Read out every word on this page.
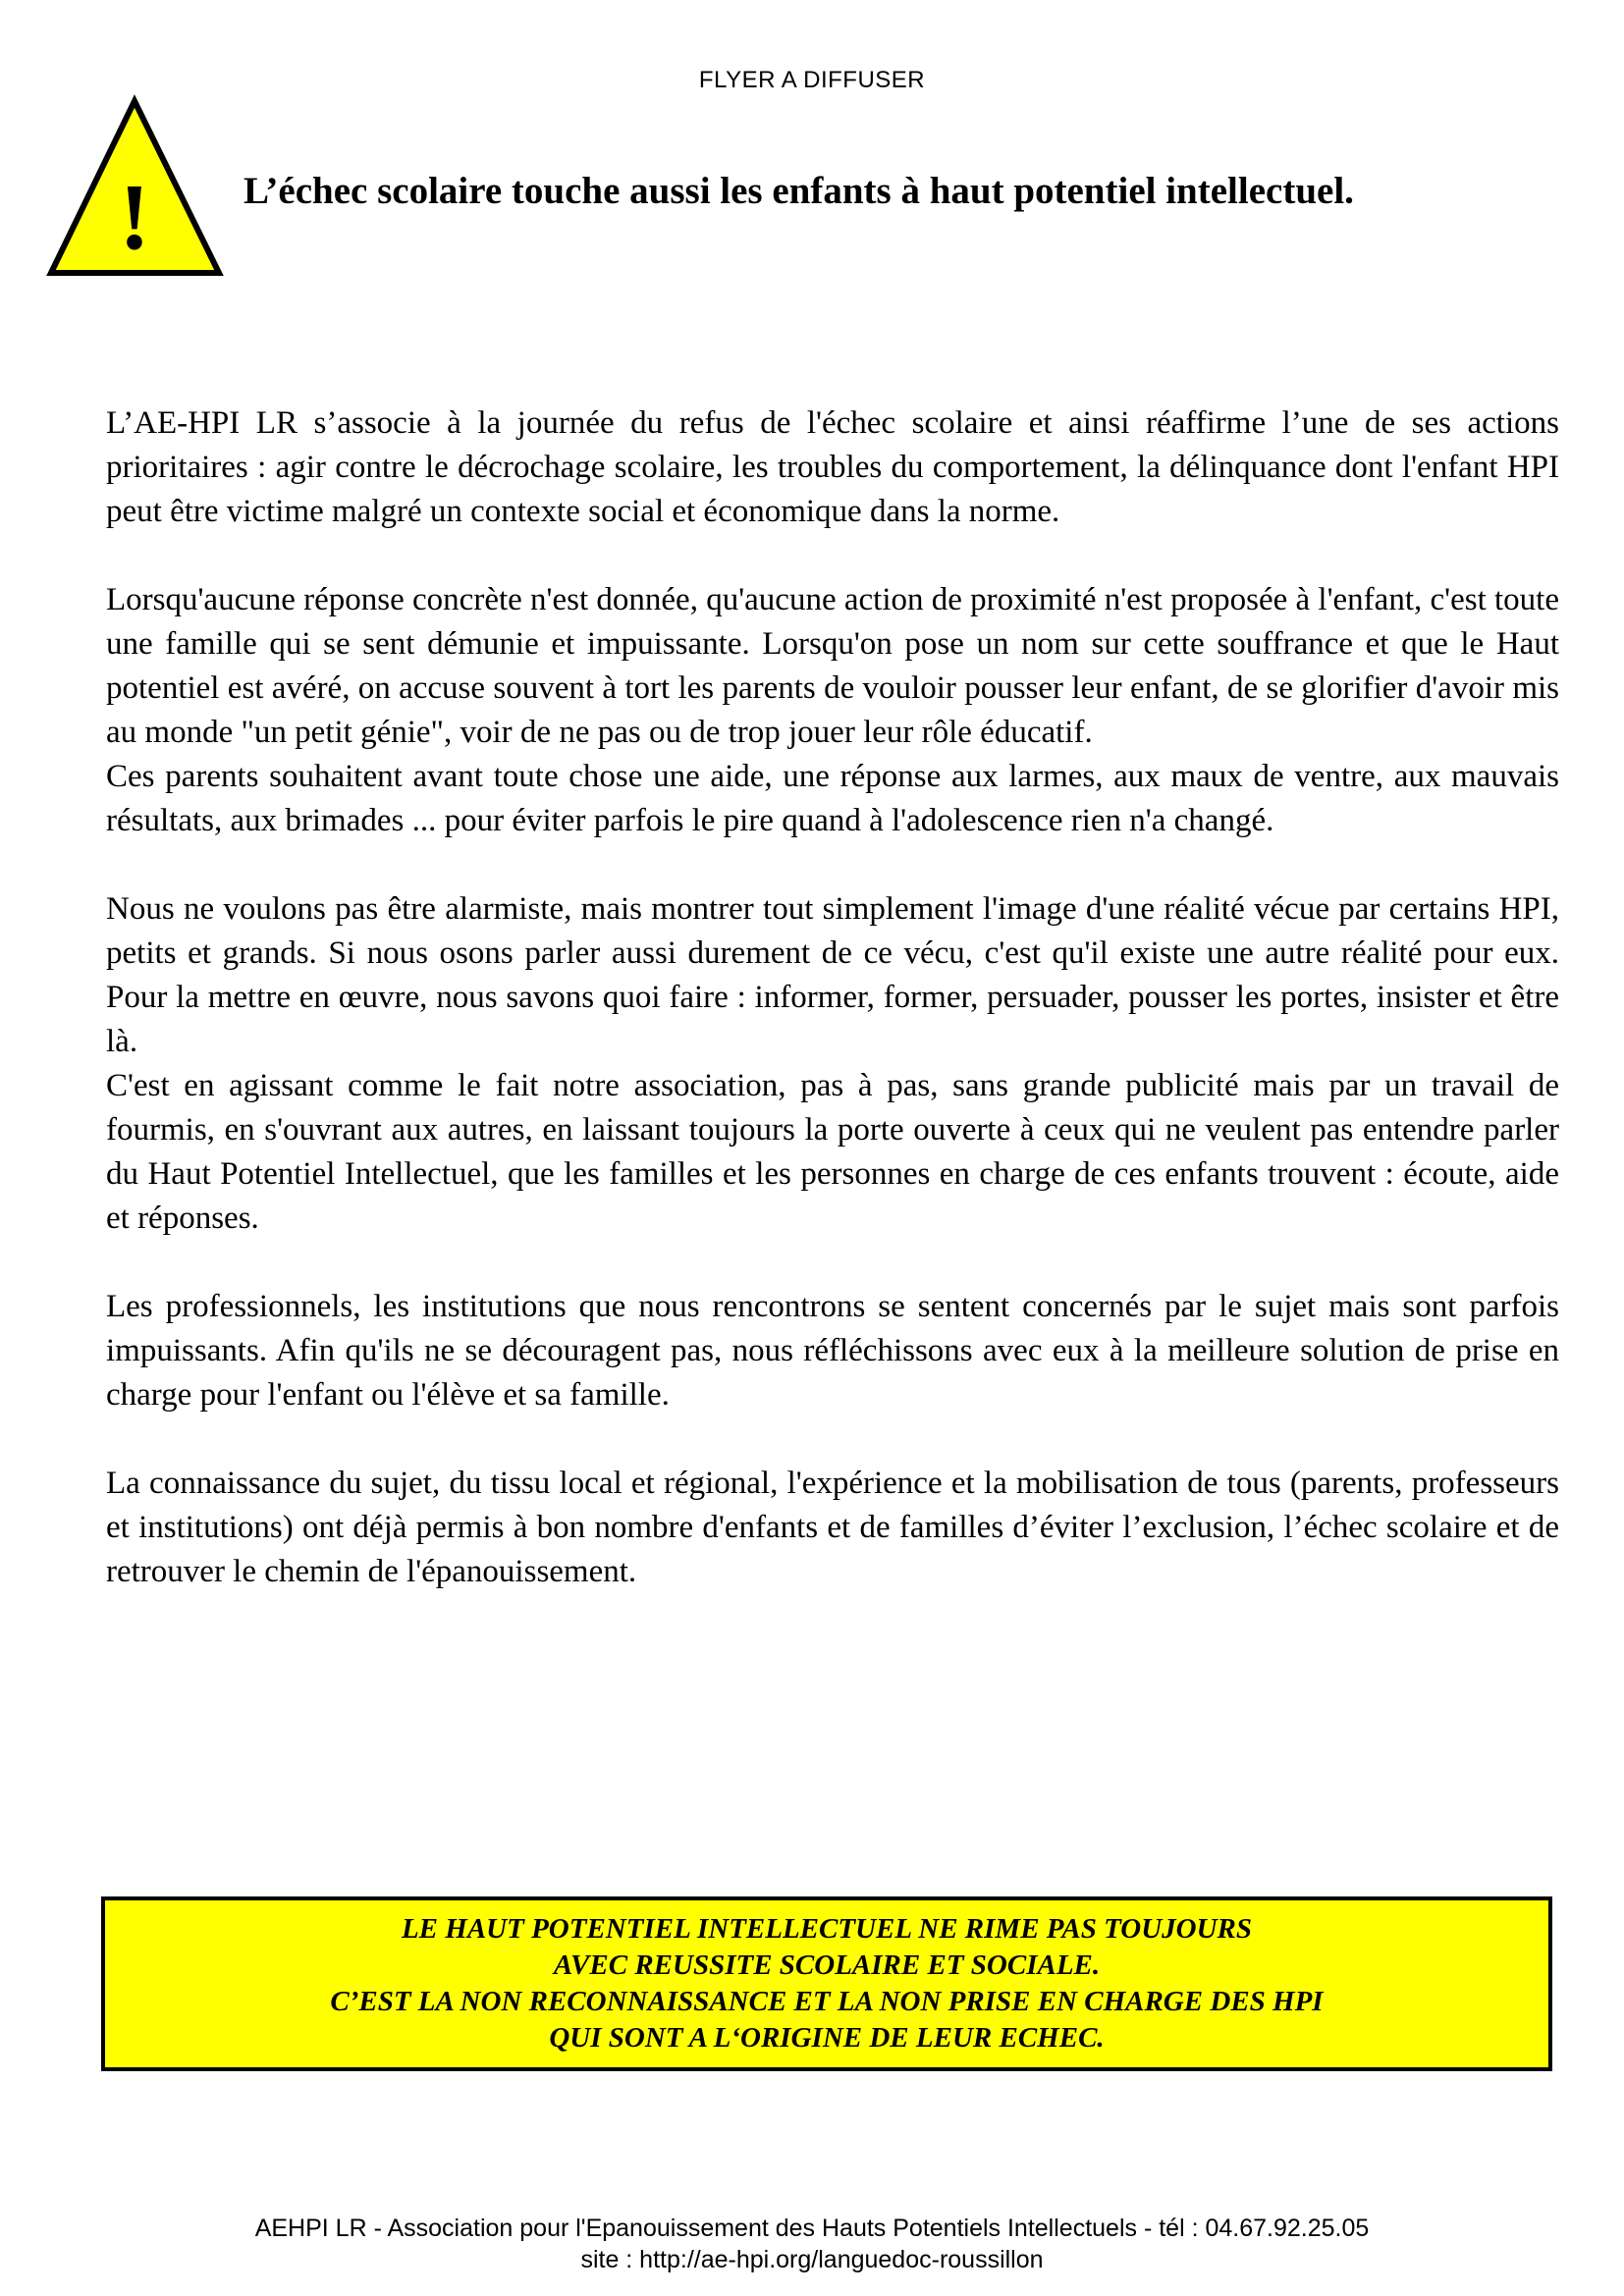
FLYER A DIFFUSER
! L’échec scolaire touche aussi les enfants à haut potentiel intellectuel.

L’AE-HPI LR s’associe à la journée du refus de l'échec scolaire et ainsi réaffirme l’une de ses actions prioritaires : agir contre le décrochage scolaire, les troubles du comportement, la délinquance dont l'enfant HPI peut être victime malgré un contexte social et économique dans la norme.

Lorsqu'aucune réponse concrète n'est donnée, qu'aucune action de proximité n'est proposée à l'enfant, c'est toute une famille qui se sent démunie et impuissante. Lorsqu'on pose un nom sur cette souffrance et que le Haut potentiel est avéré, on accuse souvent à tort les parents de vouloir pousser leur enfant, de se glorifier d'avoir mis au monde "un petit génie", voir de ne pas ou de trop jouer leur rôle éducatif.

Ces parents souhaitent avant toute chose une aide, une réponse aux larmes, aux maux de ventre, aux mauvais résultats, aux brimades ... pour éviter parfois le pire quand à l'adolescence rien n'a changé.

Nous ne voulons pas être alarmiste, mais montrer tout simplement l'image d'une réalité vécue par certains HPI, petits et grands. Si nous osons parler aussi durement de ce vécu, c'est qu'il existe une autre réalité pour eux. Pour la mettre en œuvre, nous savons quoi faire : informer, former, persuader, pousser les portes, insister et être là.

C'est en agissant comme le fait notre association, pas à pas, sans grande publicité mais par un travail de fourmis, en s'ouvrant aux autres, en laissant toujours la porte ouverte à ceux qui ne veulent pas entendre parler du Haut Potentiel Intellectuel, que les familles et les personnes en charge de ces enfants trouvent : écoute, aide et réponses.

Les professionnels, les institutions que nous rencontrons se sentent concernés par le sujet mais sont parfois impuissants. Afin qu'ils ne se découragent pas, nous réfléchissons avec eux à la meilleure solution de prise en charge pour l'enfant ou l'élève et sa famille.

La connaissance du sujet, du tissu local et régional, l'expérience et la mobilisation de tous (parents, professeurs et institutions) ont déjà permis à bon nombre d'enfants et de familles d’éviter l’exclusion, l’échec scolaire et de retrouver le chemin de l'épanouissement.

LE HAUT POTENTIEL INTELLECTUEL NE RIME PAS TOUJOURS
AVEC REUSSITE SCOLAIRE ET SOCIALE.
C’EST LA NON RECONNAISSANCE ET LA NON PRISE EN CHARGE DES HPI
QUI SONT A L‘ORIGINE DE LEUR ECHEC.
AEHPI LR - Association pour l'Epanouissement des Hauts Potentiels Intellectuels - tél : 04.67.92.25.05
site : http://ae-hpi.org/languedoc-roussillon
